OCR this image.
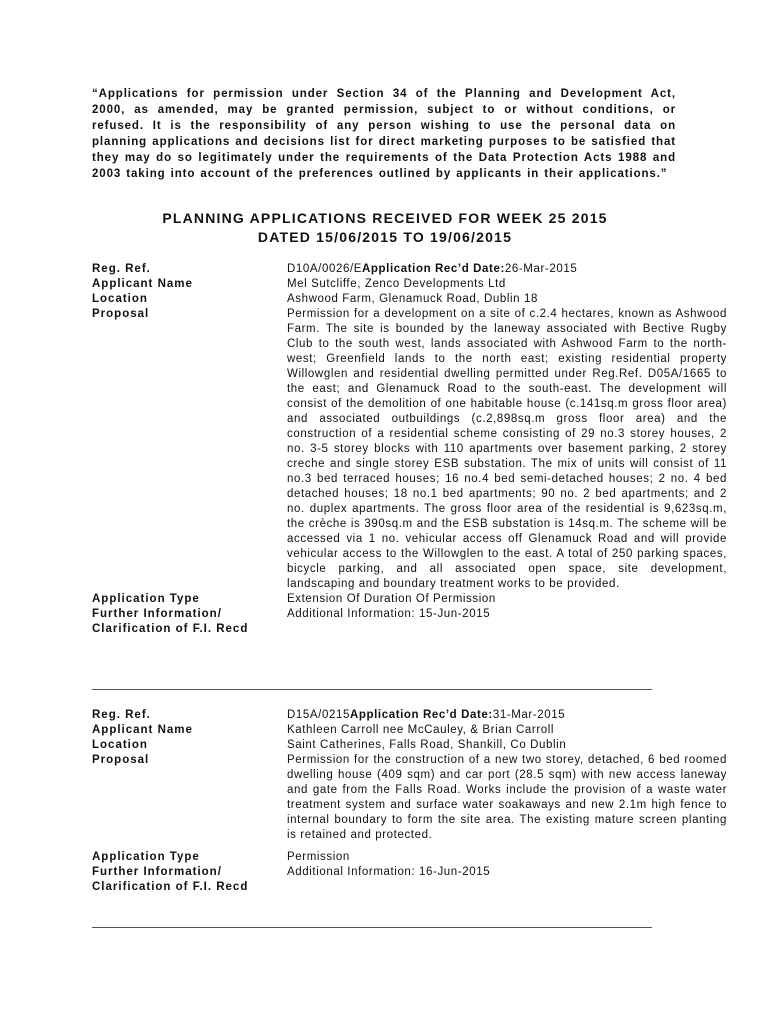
“Applications for permission under Section 34 of the Planning and Development Act, 2000, as amended, may be granted permission, subject to or without conditions, or refused. It is the responsibility of any person wishing to use the personal data on planning applications and decisions list for direct marketing purposes to be satisfied that they may do so legitimately under the requirements of the Data Protection Acts 1988 and 2003 taking into account of the preferences outlined by applicants in their applications.”
PLANNING APPLICATIONS RECEIVED FOR WEEK 25 2015
DATED 15/06/2015 TO 19/06/2015
Reg. Ref.	D10A/0026/EApplication Rec’d Date:26-Mar-2015
Applicant Name	Mel Sutcliffe, Zenco Developments Ltd
Location	Ashwood Farm, Glenamuck Road, Dublin 18
Proposal	Permission for a development on a site of c.2.4 hectares, known as Ashwood Farm. The site is bounded by the laneway associated with Bective Rugby Club to the south west, lands associated with Ashwood Farm to the north-west; Greenfield lands to the north east; existing residential property Willowglen and residential dwelling permitted under Reg.Ref. D05A/1665 to the east; and Glenamuck Road to the south-east. The development will consist of the demolition of one habitable house (c.141sq.m gross floor area) and associated outbuildings (c.2,898sq.m gross floor area) and the construction of a residential scheme consisting of 29 no.3 storey houses, 2 no. 3-5 storey blocks with 110 apartments over basement parking, 2 storey creche and single storey ESB substation. The mix of units will consist of 11 no.3 bed terraced houses; 16 no.4 bed semi-detached houses; 2 no. 4 bed detached houses; 18 no.1 bed apartments; 90 no. 2 bed apartments; and 2 no. duplex apartments. The gross floor area of the residential is 9,623sq.m, the crèche is 390sq.m and the ESB substation is 14sq.m. The scheme will be accessed via 1 no. vehicular access off Glenamuck Road and will provide vehicular access to the Willowglen to the east. A total of 250 parking spaces, bicycle parking, and all associated open space, site development, landscaping and boundary treatment works to be provided.
Application Type	Extension Of Duration Of Permission
Further Information/
Clarification of F.I. Recd
Additional Information: 15-Jun-2015
Reg. Ref.	D15A/0215Application Rec’d Date:31-Mar-2015
Applicant Name	Kathleen Carroll nee McCauley, & Brian Carroll
Location	Saint Catherines, Falls Road, Shankill, Co Dublin
Proposal	Permission for the construction of a new two storey, detached, 6 bed roomed dwelling house (409 sqm) and car port (28.5 sqm) with new access laneway and gate from the Falls Road. Works include the provision of a waste water treatment system and surface water soakaways and new 2.1m high fence to internal boundary to form the site area. The existing mature screen planting is retained and protected.
Application Type	Permission
Further Information/
Clarification of F.I. Recd
Additional Information: 16-Jun-2015
